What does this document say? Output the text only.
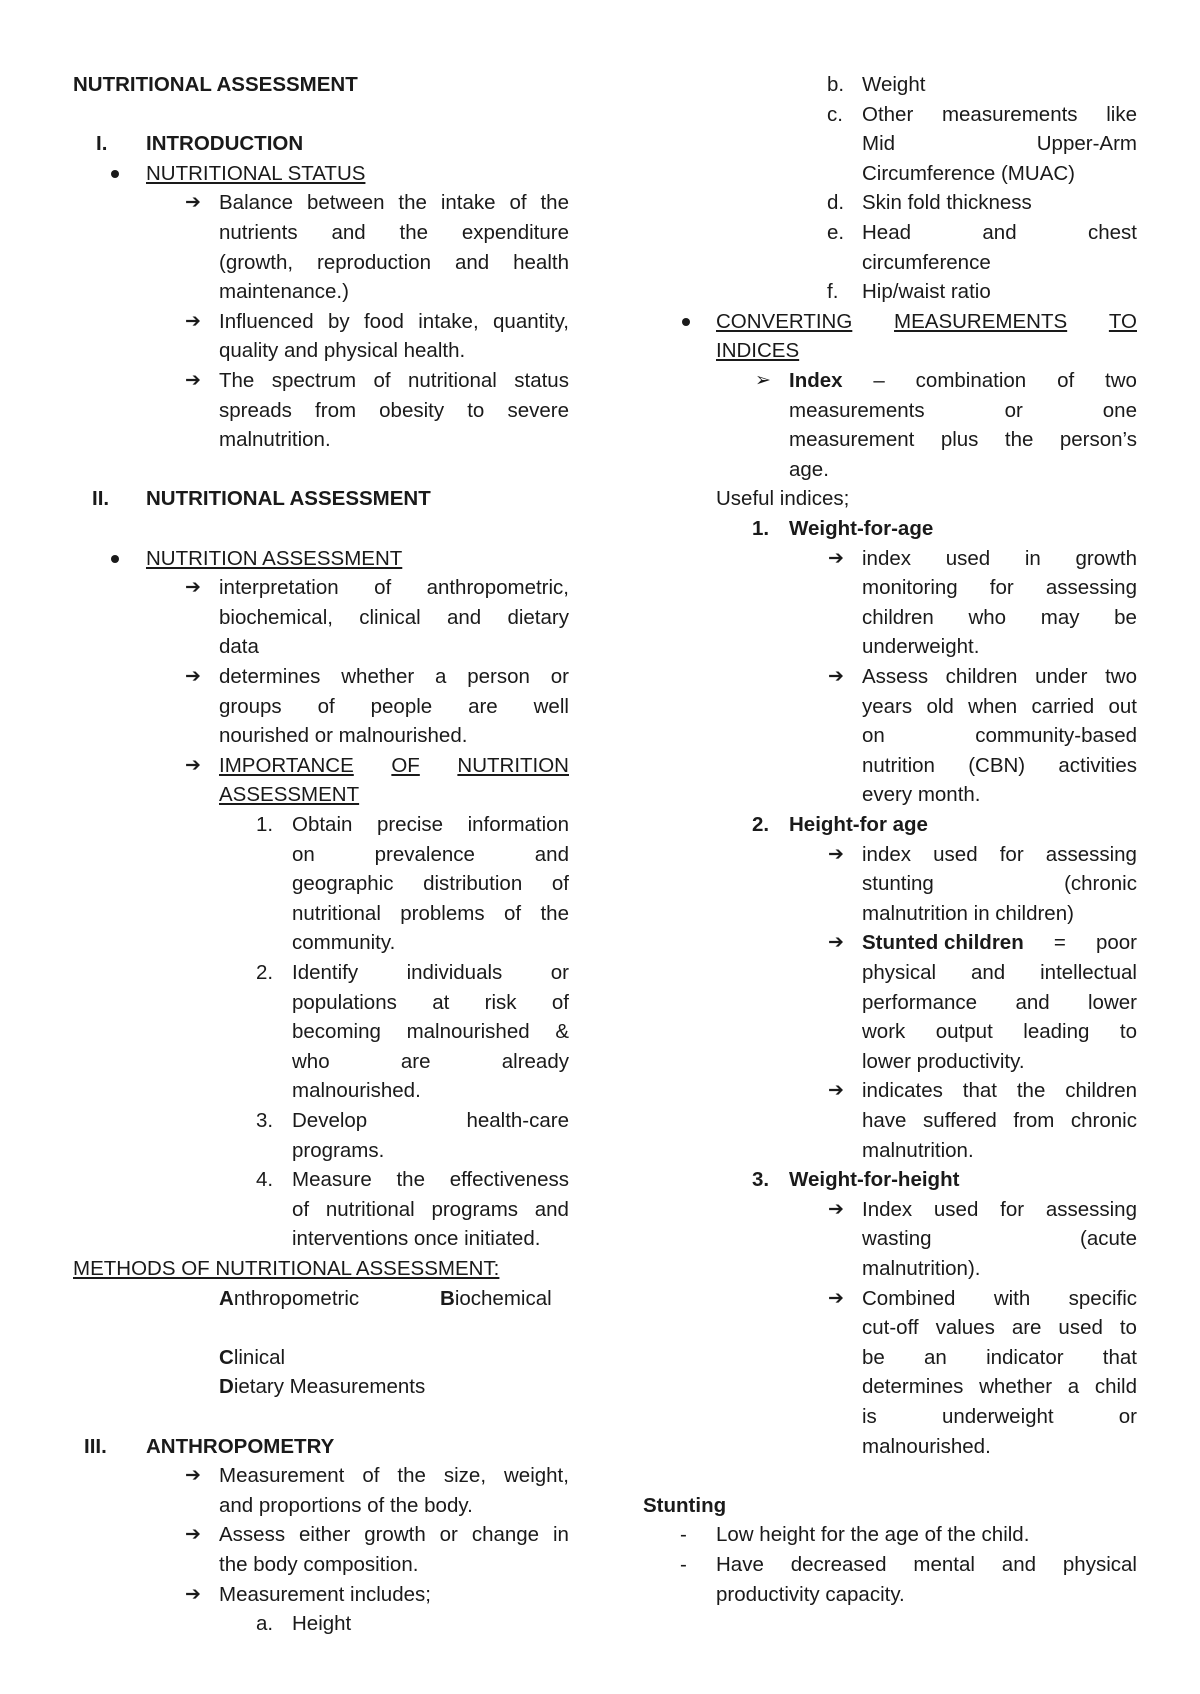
NUTRITIONAL ASSESSMENT
I. INTRODUCTION
NUTRITIONAL STATUS
➔ Balance between the intake of the
nutrients and the expenditure
(growth, reproduction and health
maintenance.)
➔ Influenced by food intake, quantity,
quality and physical health.
➔ The spectrum of nutritional status
spreads from obesity to severe
malnutrition.
II. NUTRITIONAL ASSESSMENT
NUTRITION ASSESSMENT
➔ interpretation of anthropometric,
biochemical, clinical and dietary
data
➔ determines whether a person or
groups of people are well
nourished or malnourished.
➔ IMPORTANCE OF NUTRITION
ASSESSMENT
1. Obtain precise information
on	prevalence	and
geographic distribution of
nutritional problems of the
community.
2. Identify individuals or
populations at risk of
becoming malnourished &
who	are	already
malnourished.
3. Develop	health-care
programs.
4. Measure the effectiveness
of nutritional programs and
interventions once initiated.
METHODS OF NUTRITIONAL ASSESSMENT:
Anthropometric	Biochemical
Clinical
Dietary Measurements
III. ANTHROPOMETRY
➔ Measurement of the size, weight,
and proportions of the body.
➔ Assess either growth or change in
the body composition.
➔ Measurement includes;
a. Height
b. Weight
c. Other measurements like
Mid	Upper-Arm
Circumference (MUAC)
d. Skin fold thickness
e. Head	and	chest
circumference
f. Hip/waist ratio
CONVERTING MEASUREMENTS TO
INDICES
➢ Index – combination of two
measurements	or	one
measurement plus the person’s
age.
Useful indices;
1. Weight-for-age
➔ index used in growth
monitoring for assessing
children who may be
underweight.
➔ Assess children under two
years old when carried out
on	community-based
nutrition (CBN) activities
every month.
2. Height-for age
➔ index used for assessing
stunting	(chronic
malnutrition in children)
➔ Stunted children = poor
physical and intellectual
performance and lower
work output leading to
lower productivity.
➔ indicates that the children
have suffered from chronic
malnutrition.
3. Weight-for-height
➔ Index used for assessing
wasting	(acute
malnutrition).
➔ Combined with specific
cut-off values are used to
be an indicator that
determines whether a child
is	underweight	or
malnourished.
Stunting
- Low height for the age of the child.
- Have decreased mental and physical
productivity capacity.
